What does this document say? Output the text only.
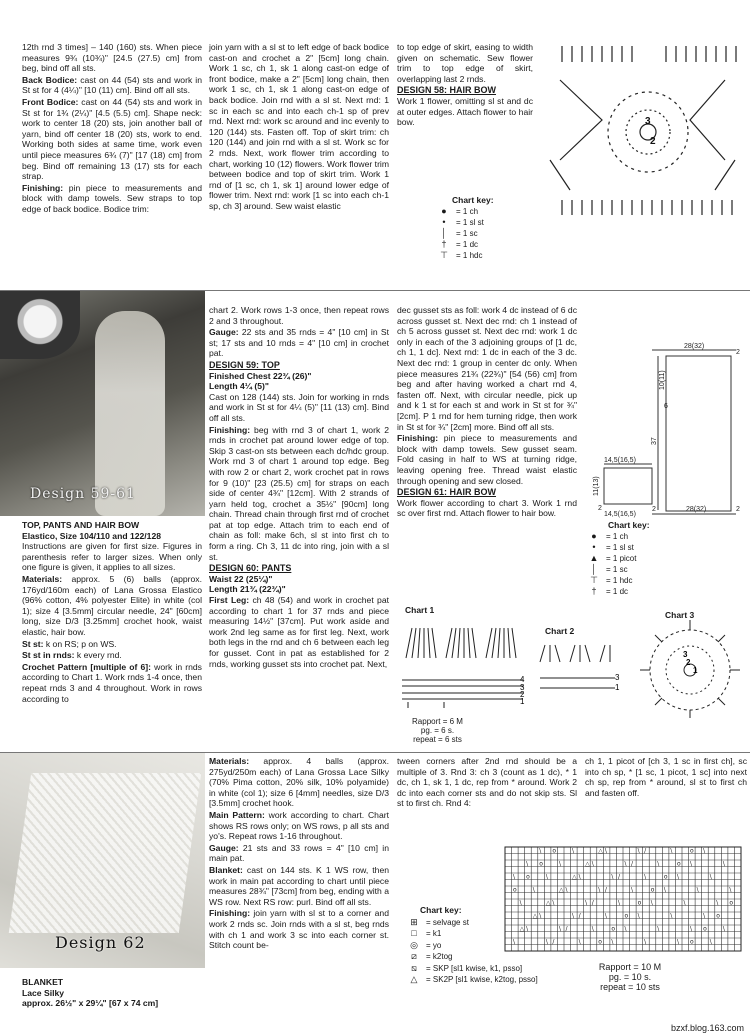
12th rnd 3 times] – 140 (160) sts. When piece measures 9¾ (10¾)" [24.5 (27.5) cm] from beg, bind off all sts.

Back Bodice: cast on 44 (54) sts and work in St st for 4 (4¼)" [10 (11) cm]. Bind off all sts.

Front Bodice: cast on 44 (54) sts and work in St st for 1¾ (2¼)" [4.5 (5.5) cm]. Shape neck: work to center 18 (20) sts, join another ball of yarn, bind off center 18 (20) sts, work to end. Working both sides at same time, work even until piece measures 6¾ (7)" [17 (18) cm] from beg. Bind off remaining 13 (17) sts for each strap.

Finishing: pin piece to measurements and block with damp towels. Sew straps to top edge of back bodice. Bodice trim:

join yarn with a sl st to left edge of back bodice cast-on and crochet a 2" [5cm] long chain. Work 1 sc, ch 1, sk 1 along cast-on edge of front bodice, make a 2" [5cm] long chain, then work 1 sc, ch 1, sk 1 along cast-on edge of back bodice. Join rnd with a sl st. Next rnd: 1 sc in each sc and into each ch-1 sp of prev rnd. Next rnd: work sc around and inc evenly to 120 (144) sts. Fasten off. Top of skirt trim: ch 120 (144) and join rnd with a sl st. Work sc for 2 rnds. Next, work flower trim according to chart, working 10 (12) flowers. Work flower trim between bodice and top of skirt trim. Work 1 rnd of [1 sc, ch 1, sk 1] around lower edge of flower trim. Next rnd: work [1 sc into each ch-1 sp, ch 3] around. Sew waist elastic

to top edge of skirt, easing to width given on schematic. Sew flower trim to top edge of skirt, overlapping last 2 rnds.

DESIGN 58: HAIR BOW

Work 1 flower, omitting sl st and dc at outer edges. Attach flower to hair bow.	3
2
Chart key:
●	= 1 ch
•	= 1 sl st
│	= 1 sc
†	= 1 dc
⊤ = 1 hdc
Design 59-61
TOP, PANTS AND HAIR BOW
Elastico, Size 104/110 and 122/128

Instructions are given for first size. Figures in parenthesis refer to larger sizes. When only one figure is given, it applies to all sizes.

Materials: approx. 5 (6) balls (approx. 176yd/160m each) of Lana Grossa Elastico (96% cotton, 4% polyester Elite) in white (col 1); size 4 [3.5mm] circular needle, 24" [60cm] long, size D/3 [3.25mm] crochet hook, waist elastic, hair bow.

St st: k on RS; p on WS.

St st in rnds: k every rnd.

Crochet Pattern [multiple of 6]: work in rnds according to Chart 1. Work rnds 1-4 once, then repeat rnds 3 and 4 throughout. Work in rows according to

chart 2. Work rows 1-3 once, then repeat rows 2 and 3 throughout.

Gauge: 22 sts and 35 rnds = 4" [10 cm] in St st; 17 sts and 10 rnds = 4" [10 cm] in crochet pat.

DESIGN 59: TOP
Finished Chest 22¾ (26)"
Length 4¼ (5)"

Cast on 128 (144) sts. Join for working in rnds and work in St st for 4¼ (5)" [11 (13) cm]. Bind off all sts.

Finishing: beg with rnd 3 of chart 1, work 2 rnds in crochet pat around lower edge of top. Skip 3 cast-on sts between each dc/hdc group. Work rnd 3 of chart 1 around top edge. Beg with row 2 or chart 2, work crochet pat in rows for 9 (10)" [23 (25.5) cm] for straps on each side of center 4¾" [12cm]. With 2 strands of yarn held tog, crochet a 35½" [90cm] long chain. Thread chain through first rnd of crochet pat at top edge. Attach trim to each end of chain as foll: make 6ch, sl st into first ch to form a ring. Ch 3, 11 dc into ring, join with a sl st.

DESIGN 60: PANTS
Waist 22 (25¼)"
Length 21¾ (22¾)"

First Leg: ch 48 (54) and work in crochet pat according to chart 1 for 37 rnds and piece measuring 14½" [37cm]. Put work aside and work 2nd leg same as for first leg. Next, work both legs in the rnd and ch 6 between each leg for gusset. Cont in pat as established for 2 rnds, working gusset sts into crochet pat. Next,

dec gusset sts as foll: work 4 dc instead of 6 dc across gusset st. Next dec rnd: ch 1 instead of ch 5 across gusset st. Next dec rnd: work 1 dc only in each of the 3 adjoining groups of [1 dc, ch 1, 1 dc]. Next rnd: 1 dc in each of the 3 dc. Next dec rnd: 1 group in center dc only. When piece measures 21¾ (22¾)" [54 (56) cm] from beg and after having worked a chart rnd 4, fasten off. Next, with circular needle, pick up and k 1 st for each st and work in St st for ¾" [2cm]. P 1 rnd for hem turning ridge, then work in St st for ¾" [2cm] more. Bind off all sts.

Finishing: pin piece to measurements and block with damp towels. Sew gusset seam. Fold casing in half to WS at turning ridge, leaving opening free. Thread waist elastic through opening and sew closed.

DESIGN 61: HAIR BOW

Work flower according to chart 3. Work 1 rnd sc over first rnd. Attach flower to hair bow.

28(32)
28(32)
10(11)
6
2
2	2
37
14,5(16,5)
14,5(16,5)
11(13)
2
Chart key:
●	= 1 ch
•	= 1 sl st
▲ = 1 picot
│	= 1 sc
⊤ = 1 hdc
†	= 1 dc
Chart 1
Chart 2
Chart 3
4
3
2
1
Rapport = 6 M
pg. = 6 s.
repeat = 6 sts
3
1
3
2
1
Design 62
BLANKET
Lace Silky
approx. 26½" x 29¼" [67 x 74 cm]

Materials: approx. 4 balls (approx. 275yd/250m each) of Lana Grossa Lace Silky (70% Pima cotton, 20% silk, 10% polyamide) in white (col 1); size 6 [4mm] needles, size D/3 [3.5mm] crochet hook.

Main Pattern: work according to chart. Chart shows RS rows only; on WS rows, p all sts and yo's. Repeat rows 1-16 throughout.

Gauge: 21 sts and 33 rows = 4" [10 cm] in main pat.

Blanket: cast on 144 sts. K 1 WS row, then work in main pat according to chart until piece measures 28¾" [73cm] from beg, ending with a WS row. Next RS row: purl. Bind off all sts.

Finishing: join yarn with sl st to a corner and work 2 rnds sc. Join rnds with a sl st, beg rnds with ch 1 and work 3 sc into each corner st. Stitch count be-

tween corners after 2nd rnd should be a multiple of 3. Rnd 3: ch 3 (count as 1 dc), * 1 dc, ch 1, sk 1, 1 dc, rep from * around. Work 2 dc into each corner sts and do not skip sts. Sl st to first ch. Rnd 4:

ch 1, 1 picot of [ch 3, 1 sc in first ch], sc into ch sp, * [1 sc, 1 picot, 1 sc] into next ch sp, rep from * around, sl st to first ch and fasten off.

\ o	\	△ \	\ /	\	o \
\ o	\	△ \	\ /	\	o \	\
\ o	\	△ \	\ /	\	o \	\
o	\	△ \	\ /	\	o \	\	\
\	△ \	\ /	\	o \	\	\ o
△ \	\ /	\	o \	\	\ o
△ \	\ /	\	o \	\	\ o	\
\	\ /	\	o \	\	\ o	\
Rapport = 10 M
pg. = 10 s.
repeat = 10 sts
Chart key:
⊞ = selvage st
□	= k1
◎ = yo
⧄	= k2tog
⧅	= SKP [sl1 kwise, k1, psso]
△	= SK2P [sl1 kwise, k2tog, psso]
bzxf.blog.163.com
